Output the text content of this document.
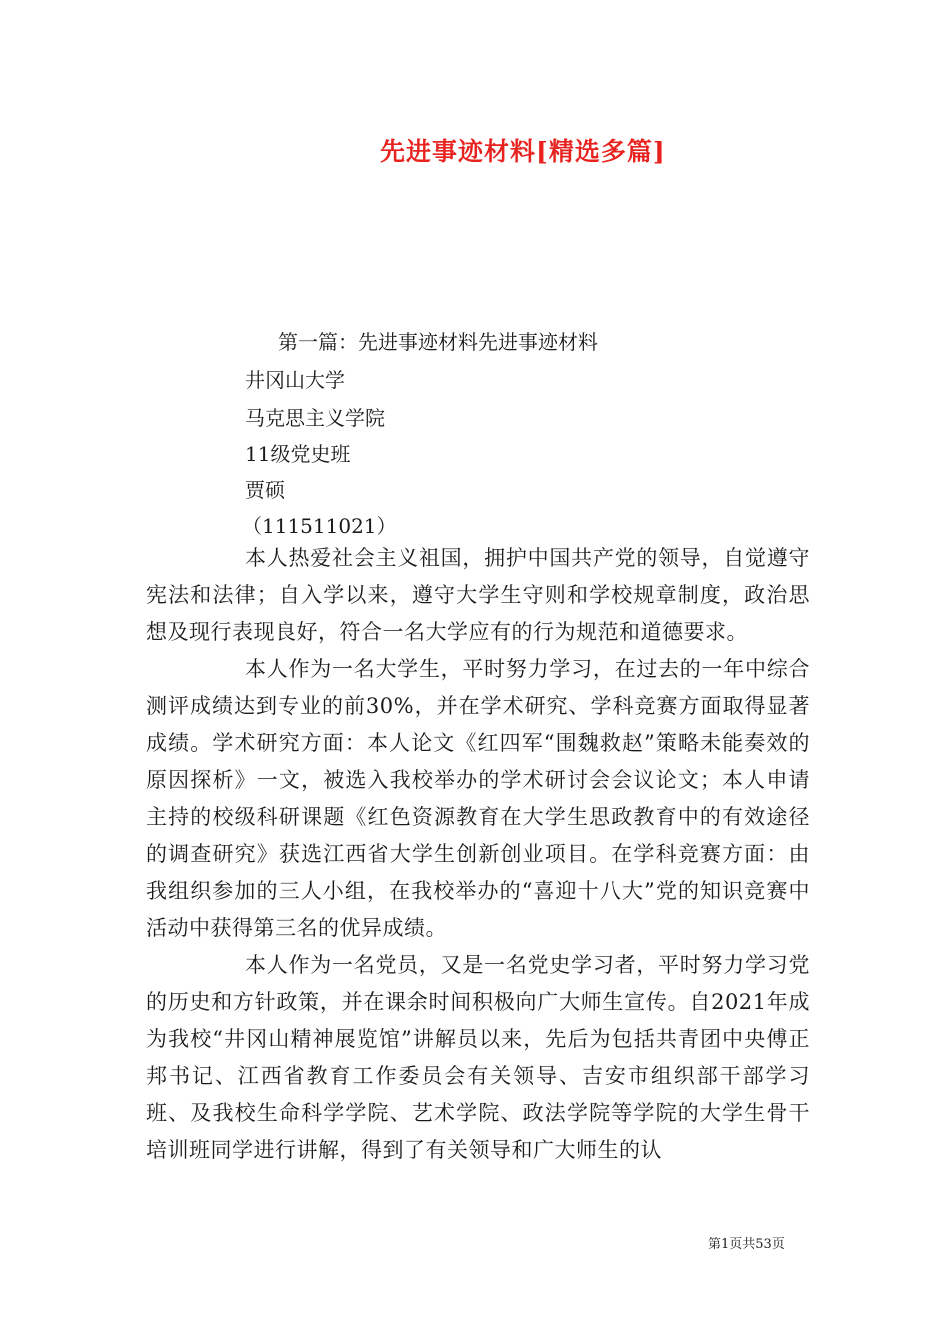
先进事迹材料[精选多篇]
第一篇：先进事迹材料先进事迹材料
井冈山大学
马克思主义学院
11级党史班
贾硕
（111511021）

本人热爱社会主义祖国，拥护中国共产党的领导，自觉遵守宪法和法律；自入学以来，遵守大学生守则和学校规章制度，政治思想及现行表现良好，符合一名大学应有的行为规范和道德要求。

本人作为一名大学生，平时努力学习，在过去的一年中综合测评成绩达到专业的前30%，并在学术研究、学科竞赛方面取得显著成绩。学术研究方面：本人论文《红四军“围魏救赵”策略未能奏效的原因探析》一文，被选入我校举办的学术研讨会会议论文；本人申请主持的校级科研课题《红色资源教育在大学生思政教育中的有效途径的调查研究》获选江西省大学生创新创业项目。在学科竞赛方面：由我组织参加的三人小组，在我校举办的“喜迎十八大”党的知识竞赛中活动中获得第三名的优异成绩。

本人作为一名党员，又是一名党史学习者，平时努力学习党的历史和方针政策，并在课余时间积极向广大师生宣传。自2021年成为我校“井冈山精神展览馆”讲解员以来，先后为包括共青团中央傅正邦书记、江西省教育工作委员会有关领导、吉安市组织部干部学习班、及我校生命科学学院、艺术学院、政法学院等学院的大学生骨干培训班同学进行讲解，得到了有关领导和广大师生的认

第1页共53页
